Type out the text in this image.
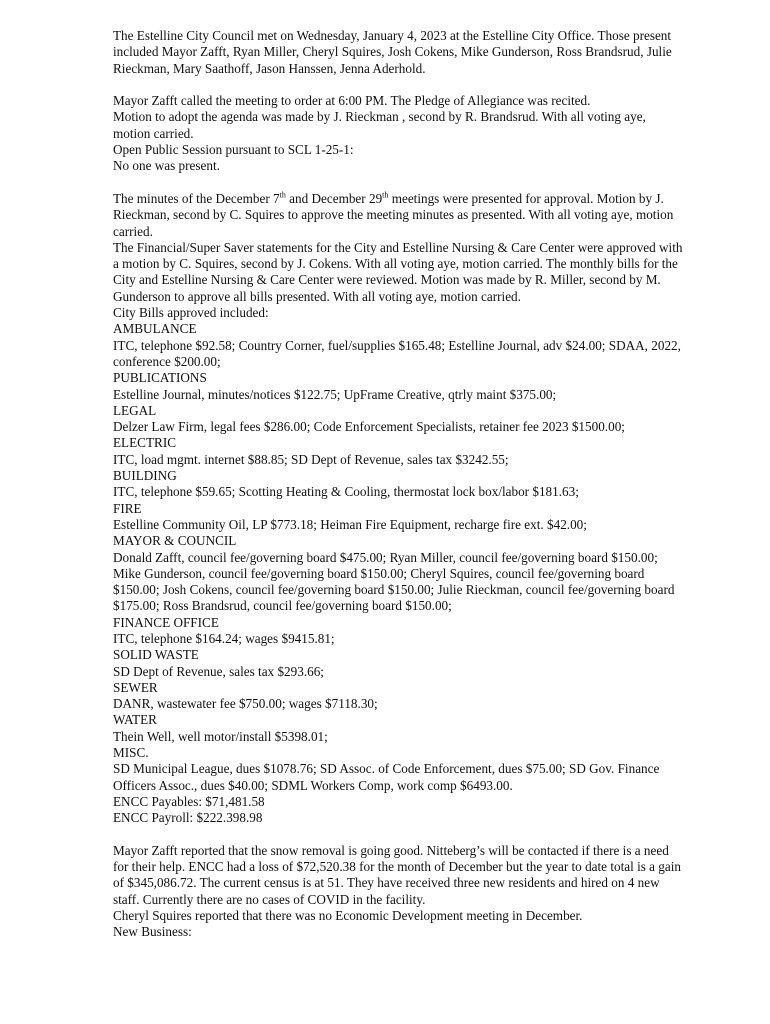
The Estelline City Council met on Wednesday, January 4, 2023 at the Estelline City Office. Those present included Mayor Zafft, Ryan Miller, Cheryl Squires, Josh Cokens, Mike Gunderson, Ross Brandsrud, Julie Rieckman, Mary Saathoff, Jason Hanssen, Jenna Aderhold.

Mayor Zafft called the meeting to order at 6:00 PM. The Pledge of Allegiance was recited.

Motion to adopt the agenda was made by J. Rieckman , second by R. Brandsrud. With all voting aye, motion carried.

Open Public Session pursuant to SCL 1-25-1:

No one was present.

The minutes of the December 7th and December 29th meetings were presented for approval. Motion by J. Rieckman, second by C. Squires to approve the meeting minutes as presented. With all voting aye, motion carried.

The Financial/Super Saver statements for the City and Estelline Nursing & Care Center were approved with a motion by C. Squires, second by J. Cokens. With all voting aye, motion carried. The monthly bills for the City and Estelline Nursing & Care Center were reviewed. Motion was made by R. Miller, second by M. Gunderson to approve all bills presented. With all voting aye, motion carried.

City Bills approved included:

AMBULANCE

ITC, telephone $92.58; Country Corner, fuel/supplies $165.48; Estelline Journal, adv $24.00; SDAA, 2022, conference $200.00;

PUBLICATIONS

Estelline Journal, minutes/notices $122.75; UpFrame Creative, qtrly maint $375.00;

LEGAL

Delzer Law Firm, legal fees $286.00; Code Enforcement Specialists, retainer fee 2023 $1500.00;

ELECTRIC

ITC, load mgmt. internet $88.85; SD Dept of Revenue, sales tax $3242.55;

BUILDING

ITC, telephone $59.65; Scotting Heating & Cooling, thermostat lock box/labor $181.63;

FIRE

Estelline Community Oil, LP $773.18; Heiman Fire Equipment, recharge fire ext. $42.00;

MAYOR & COUNCIL

Donald Zafft, council fee/governing board $475.00; Ryan Miller, council fee/governing board $150.00; Mike Gunderson, council fee/governing board $150.00; Cheryl Squires, council fee/governing board $150.00; Josh Cokens, council fee/governing board $150.00; Julie Rieckman, council fee/governing board $175.00; Ross Brandsrud, council fee/governing board $150.00;

FINANCE OFFICE

ITC, telephone $164.24; wages $9415.81;

SOLID WASTE

SD Dept of Revenue, sales tax $293.66;

SEWER

DANR, wastewater fee $750.00; wages $7118.30;

WATER

Thein Well, well motor/install $5398.01;

MISC.

SD Municipal League, dues $1078.76; SD Assoc. of Code Enforcement, dues $75.00; SD Gov. Finance Officers Assoc., dues $40.00; SDML Workers Comp, work comp $6493.00.

ENCC Payables: $71,481.58

ENCC Payroll: $222.398.98

Mayor Zafft reported that the snow removal is going good. Nitteberg’s will be contacted if there is a need for their help. ENCC had a loss of $72,520.38 for the month of December but the year to date total is a gain of $345,086.72. The current census is at 51. They have received three new residents and hired on 4 new staff. Currently there are no cases of COVID in the facility.

Cheryl Squires reported that there was no Economic Development meeting in December.

New Business:
